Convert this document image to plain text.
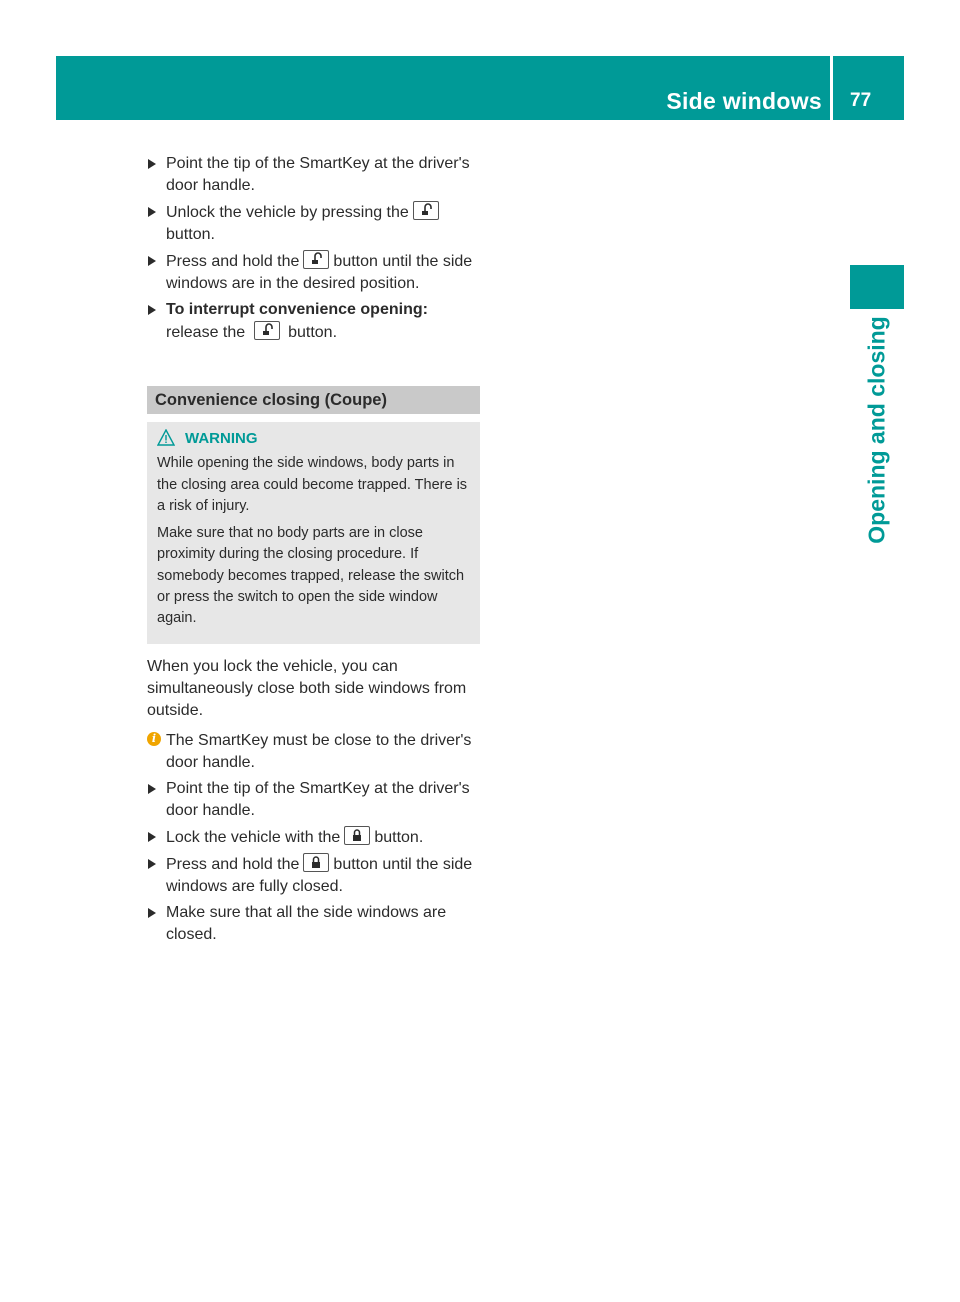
Side windows 77
Opening and closing
Point the tip of the SmartKey at the driver's door handle.
Unlock the vehicle by pressing the
button.
Press and hold the button until the side windows are in the desired position.
To interrupt convenience opening:
release the	button.
Convenience closing (Coupe)
WARNING

While opening the side windows, body parts in the closing area could become trapped. There is a risk of injury.

Make sure that no body parts are in close proximity during the closing procedure. If somebody becomes trapped, release the switch or press the switch to open the side window again.

When you lock the vehicle, you can simultaneously close both side windows from outside.
i The SmartKey must be close to the driver's door handle.
Point the tip of the SmartKey at the driver's door handle.
Lock the vehicle with the button.
Press and hold the button until the side windows are fully closed.
Make sure that all the side windows are closed.
